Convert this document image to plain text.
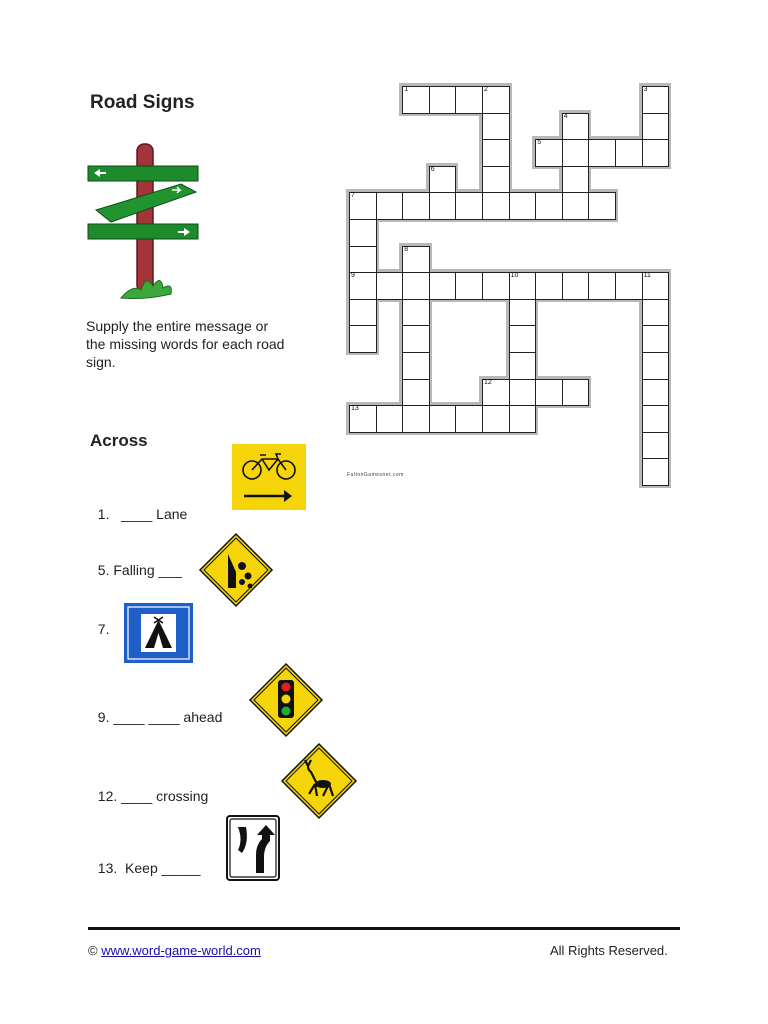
Road Signs
Supply the entire message or the missing words for each road sign.
Across

1. ____ Lane

5. Falling ___

7.

9. ____ ____ ahead

12. ____ crossing

13. Keep _____

1	2	3
4
5
6
7
9
8
10	11
12
13
FaltonGamesnet.com
© www.word-game-world.com	All Rights Reserved.
